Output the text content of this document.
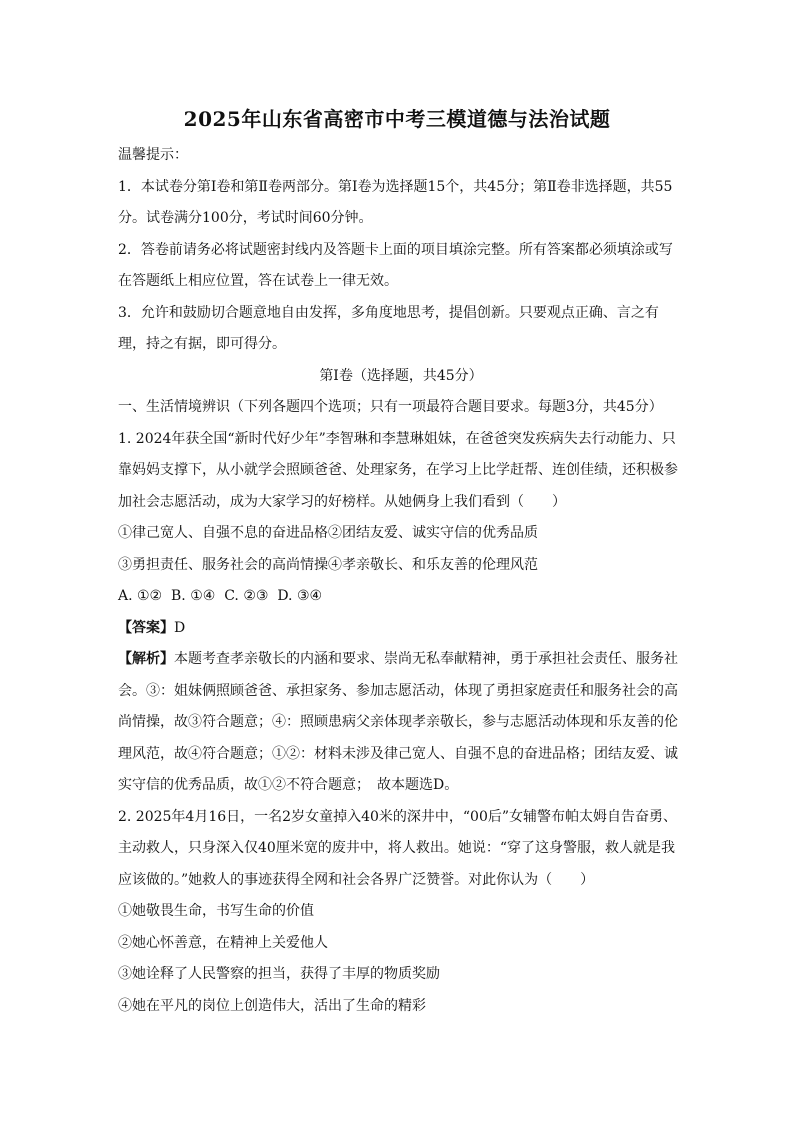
2025年山东省高密市中考三模道德与法治试题

温馨提示：

1．本试卷分第Ⅰ卷和第Ⅱ卷两部分。第Ⅰ卷为选择题15个，共45分；第Ⅱ卷非选择题，共55分。试卷满分100分，考试时间60分钟。

2．答卷前请务必将试题密封线内及答题卡上面的项目填涂完整。所有答案都必须填涂或写在答题纸上相应位置，答在试卷上一律无效。

3．允许和鼓励切合题意地自由发挥，多角度地思考，提倡创新。只要观点正确、言之有理，持之有据，即可得分。

第Ⅰ卷（选择题，共45分）

一、生活情境辨识（下列各题四个选项；只有一项最符合题目要求。每题3分，共45分）

1. 2024年获全国“新时代好少年”李智琳和李慧琳姐妹，在爸爸突发疾病失去行动能力、只靠妈妈支撑下，从小就学会照顾爸爸、处理家务，在学习上比学赶帮、连创佳绩，还积极参加社会志愿活动，成为大家学习的好榜样。从她俩身上我们看到（　　）

①律己宽人、自强不息的奋进品格②团结友爱、诚实守信的优秀品质

③勇担责任、服务社会的高尚情操④孝亲敬长、和乐友善的伦理风范

A. ①②  B. ①④  C. ②③  D. ③④

【答案】D

【解析】本题考查孝亲敬长的内涵和要求、崇尚无私奉献精神，勇于承担社会责任、服务社会。③：姐妹俩照顾爸爸、承担家务、参加志愿活动，体现了勇担家庭责任和服务社会的高尚情操，故③符合题意；④：照顾患病父亲体现孝亲敬长，参与志愿活动体现和乐友善的伦理风范，故④符合题意；①②：材料未涉及律己宽人、自强不息的奋进品格；团结友爱、诚实守信的优秀品质，故①②不符合题意；　故本题选D。

2. 2025年4月16日，一名2岁女童掉入40米的深井中，“00后”女辅警布帕太姆自告奋勇、主动救人，只身深入仅40厘米宽的废井中，将人救出。她说：“穿了这身警服，救人就是我应该做的。”她救人的事迹获得全网和社会各界广泛赞誉。对此你认为（　　）

①她敬畏生命，书写生命的价值

②她心怀善意，在精神上关爱他人

③她诠释了人民警察的担当，获得了丰厚的物质奖励

④她在平凡的岗位上创造伟大，活出了生命的精彩
